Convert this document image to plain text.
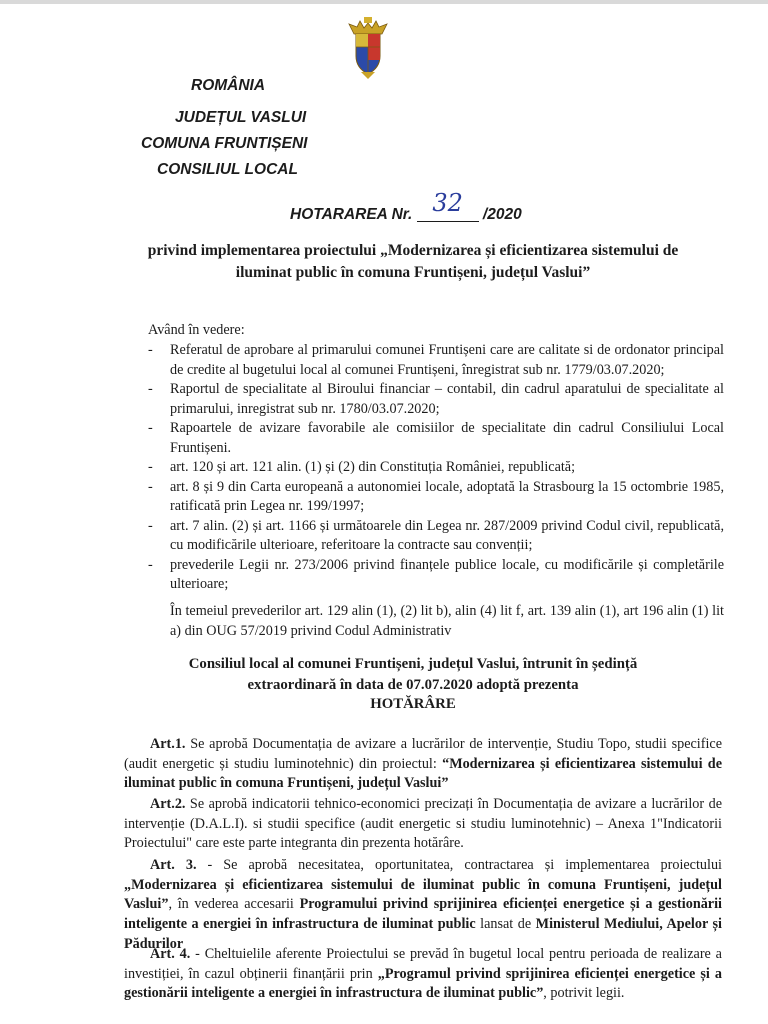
ROMÂNIA
JUDEȚUL VASLUI
COMUNA FRUNTIȘENI
CONSILIUL LOCAL
HOTARAREA Nr. 32	/2020
privind implementarea proiectului „Modernizarea și eficientizarea sistemului de
iluminat public în comuna Fruntișeni, județul Vaslui”
Având în vedere:
- Referatul de aprobare al primarului comunei Fruntișeni care are calitate si de ordonator principal de credite al bugetului local al comunei Fruntișeni, înregistrat sub nr. 1779/03.07.2020;
- Raportul de specialitate al Biroului financiar – contabil, din cadrul aparatului de specialitate al primarului, inregistrat sub nr. 1780/03.07.2020;
- Rapoartele de avizare favorabile ale comisiilor de specialitate din cadrul Consiliului Local Fruntișeni.
- art. 120 și art. 121 alin. (1) și (2) din Constituția României, republicată;
- art. 8 și 9 din Carta europeană a autonomiei locale, adoptată la Strasbourg la 15 octombrie 1985, ratificată prin Legea nr. 199/1997;
- art. 7 alin. (2) și art. 1166 și următoarele din Legea nr. 287/2009 privind Codul civil, republicată, cu modificările ulterioare, referitoare la contracte sau convenții;
- prevederile Legii nr. 273/2006 privind finanțele publice locale, cu modificările și completările ulterioare;
În temeiul prevederilor art. 129 alin (1), (2) lit b), alin (4) lit f, art. 139 alin (1), art 196 alin (1) lit a) din OUG 57/2019 privind Codul Administrativ
Consiliul local al comunei Fruntișeni, județul Vaslui, întrunit în ședință
extraordinară în data de 07.07.2020 adoptă prezenta
HOTĂRÂRE

Art.1. Se aprobă Documentația de avizare a lucrărilor de intervenție, Studiu Topo, studii specifice (audit energetic și studiu luminotehnic) din proiectul: “Modernizarea și eficientizarea sistemului de iluminat public în comuna Fruntișeni, județul Vaslui”

Art.2. Se aprobă indicatorii tehnico-economici precizați în Documentația de avizare a lucrărilor de intervenție (D.A.L.I). si studii specifice (audit energetic si studiu luminotehnic) – Anexa 1"Indicatorii Proiectului" care este parte integranta din prezenta hotărâre.

Art. 3. - Se aprobă necesitatea, oportunitatea, contractarea și implementarea proiectului „Modernizarea și eficientizarea sistemului de iluminat public în comuna Fruntișeni, județul Vaslui”, în vederea accesarii Programului privind sprijinirea eficienței energetice și a gestionării inteligente a energiei în infrastructura de iluminat public lansat de Ministerul Mediului, Apelor și Pădurilor

Art. 4. - Cheltuielile aferente Proiectului se prevăd în bugetul local pentru perioada de realizare a investiției, în cazul obținerii finanțării prin „Programul privind sprijinirea eficienței energetice și a gestionării inteligente a energiei în infrastructura de iluminat public”, potrivit legii.
